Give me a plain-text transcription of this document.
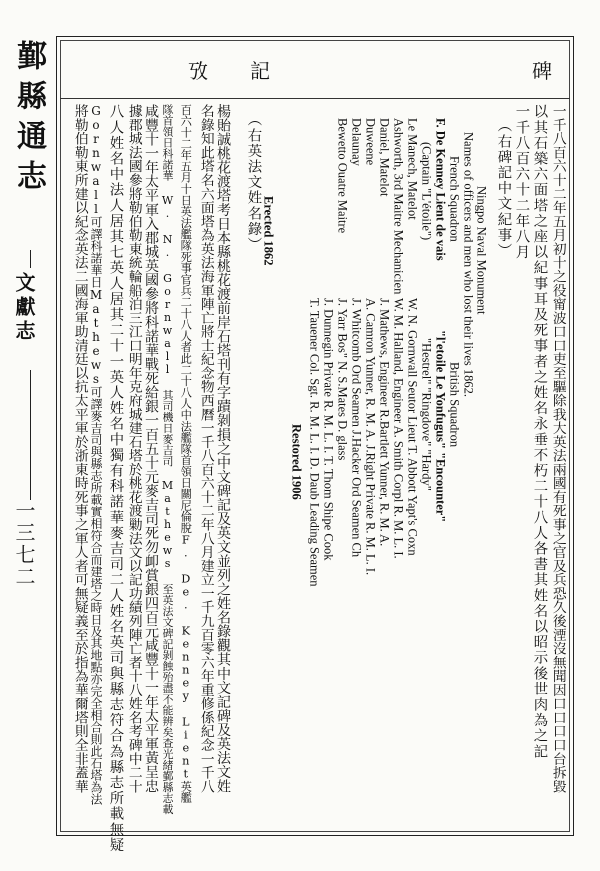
鄞縣通志
文獻志
一三七二
碑
記
攷
一千八百六十二年五月初十之役甯波口口吏至驅除我大英法兩國有死事之官及兵恐久後湮沒無聞因口口口口台拆毀
以其石築六面塔之座以紀事耳及死事者之姓名永垂不朽二十八人各書其姓名以昭示後世肉為之記
一千八百六十二年八月
（右碑記中文紀事）
Ningpo Naval Monument
Names of officers and men who lost their lives 1862.
French Squadron
British Squadron
F. De Kenney Lient de vais
"l'etoile Le Yonfugus" "Encounter"
(Captain "L'étoile")
"Hestrel" "Ringdove" "Hardy"
Le Manech, Matelot
W. N. Gornwall Seutor Lieut T. Abbott Yapt's Coxn
Ashworth, 3rd Maitre Mechanicien
W. M. Halland, Engineer A. Smith Corpl R. M. L. I.
Daniel, Matelot
J. Mathews, Engineer R.Bartlett Yunner, R. M. A.
Duweene
A. Camron Yunner, R. M. A. J.Right Private R. M. L. I.
Delaunay
J. Whitcomb Ord Seamen J.Hacker Ord Seamen Ch
Bewetto Ouatre Maitre
J. Yarr Bos" N. S.Mates D. glass
J. Dunnegin Private R. M. L. I. T. Thom Shipe Cook
T. Tauener Col. Sgt. R. M. L. I. D. Daub Leading Seamen
Erected 1862
Restored 1906
（右英法文姓名錄）
楊貽誠桃花渡塔考日本縣桃花渡前岸石塔刊有字蹟剝損之中文碑記及英文並列之姓名錄觀其中文記碑及英法文姓
名錄知此塔名六面塔為英法海軍陣亡將士紀念物西曆一千八百六十二年八月建立一千九百零六年重修係紀念一千八
百六十二年五月十日英法艦隊死事官兵二十八人者此二十八人中法艦隊首領日關尼倫脫F. De. Kenney Lient英艦
隊首領日科諾華 W. N. Gornwall 其司機日麥吉司 Mathews 至英法文碑記剝蝕殆盡不能辨矣查光緒鄞縣志載
咸豐十一年太平軍入郡城英國參將科諾華戰死給銀一百五十元麥吉司死勿卹賞銀四百元咸豐十一年太平軍黃呈忠
據郡城法國參將勒伯勒東統輪船泊三江口明年克府城建石塔於桃花渡勦法文以記功績列陣亡者十八姓名考碑中二十
八人姓名中法人居其七英人居其二十一英人姓名中獨有科諾華麥吉司二人姓名英司與縣志符合為縣志所載無疑
Gornwall可譯科諾華日Mathews可譯麥吉司與縣志所載實相符合而建塔之時日及其地點亦完全相合則此石塔為法
將勒伯勒東所建以紀念英法二國海軍助清廷以抗太平軍於浙東時死事之軍人者可無疑義至於指為華爾塔則全非蓋華
